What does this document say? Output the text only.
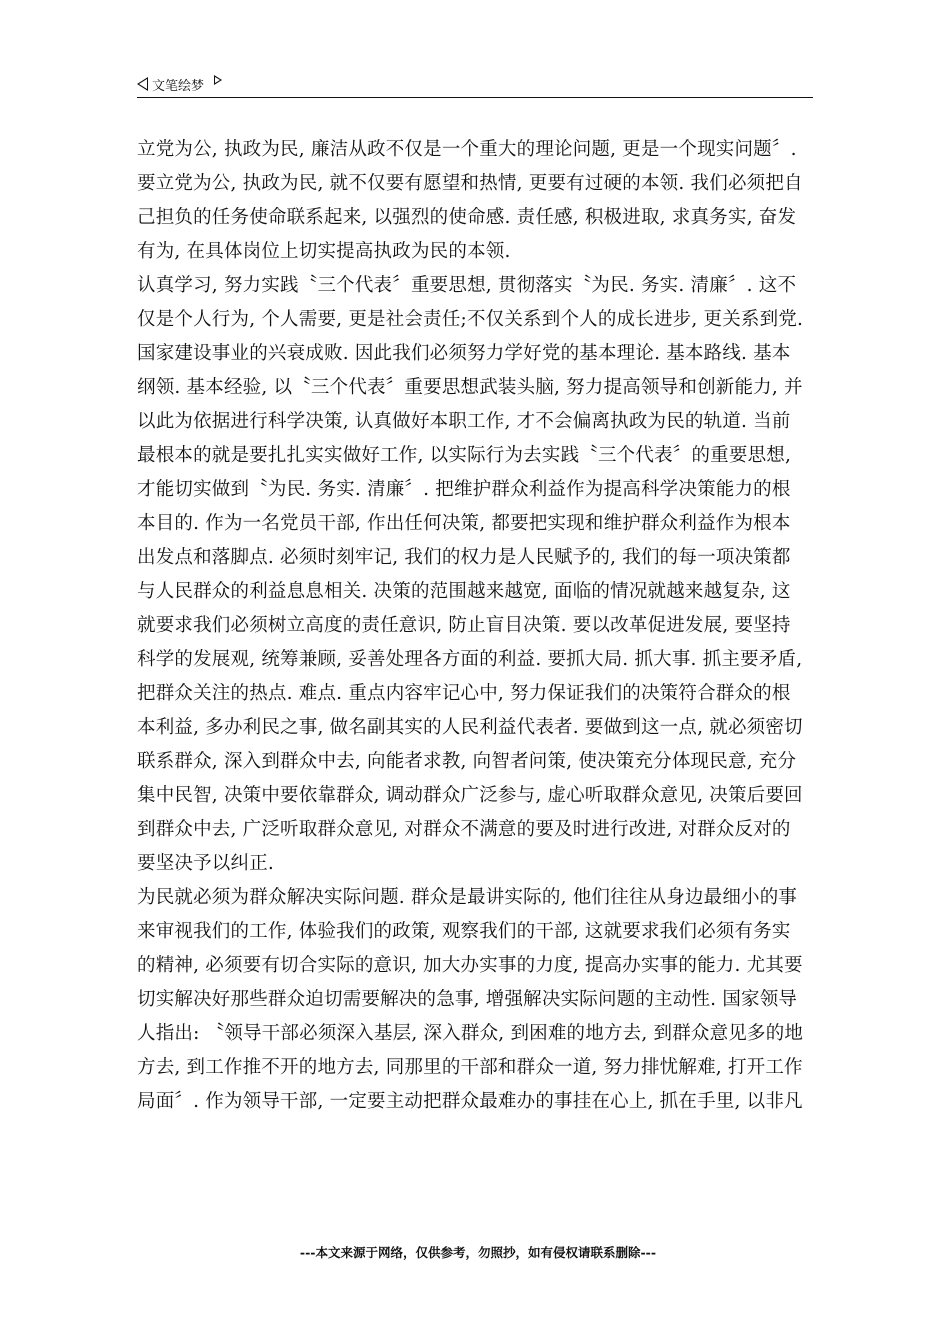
文笔绘梦
立党为公, 执政为民, 廉洁从政不仅是一个重大的理论问题, 更是一个现实问题〞.
要立党为公, 执政为民, 就不仅要有愿望和热情, 更要有过硬的本领. 我们必须把自
己担负的任务使命联系起来, 以强烈的使命感. 责任感, 积极进取, 求真务实, 奋发
有为, 在具体岗位上切实提高执政为民的本领.
认真学习, 努力实践〝三个代表〞重要思想, 贯彻落实〝为民. 务实. 清廉〞. 这不
仅是个人行为, 个人需要, 更是社会责任;不仅关系到个人的成长进步, 更关系到党.
国家建设事业的兴衰成败. 因此我们必须努力学好党的基本理论. 基本路线. 基本
纲领. 基本经验, 以〝三个代表〞重要思想武装头脑, 努力提高领导和创新能力, 并
以此为依据进行科学决策, 认真做好本职工作, 才不会偏离执政为民的轨道. 当前
最根本的就是要扎扎实实做好工作, 以实际行为去实践〝三个代表〞的重要思想,
才能切实做到〝为民. 务实. 清廉〞. 把维护群众利益作为提高科学决策能力的根
本目的. 作为一名党员干部, 作出任何决策, 都要把实现和维护群众利益作为根本
出发点和落脚点. 必须时刻牢记, 我们的权力是人民赋予的, 我们的每一项决策都
与人民群众的利益息息相关. 决策的范围越来越宽, 面临的情况就越来越复杂, 这
就要求我们必须树立高度的责任意识, 防止盲目决策. 要以改革促进发展, 要坚持
科学的发展观, 统筹兼顾, 妥善处理各方面的利益. 要抓大局. 抓大事. 抓主要矛盾,
把群众关注的热点. 难点. 重点内容牢记心中, 努力保证我们的决策符合群众的根
本利益, 多办利民之事, 做名副其实的人民利益代表者. 要做到这一点, 就必须密切
联系群众, 深入到群众中去, 向能者求教, 向智者问策, 使决策充分体现民意, 充分
集中民智, 决策中要依靠群众, 调动群众广泛参与, 虚心听取群众意见, 决策后要回
到群众中去, 广泛听取群众意见, 对群众不满意的要及时进行改进, 对群众反对的
要坚决予以纠正.
为民就必须为群众解决实际问题. 群众是最讲实际的, 他们往往从身边最细小的事
来审视我们的工作, 体验我们的政策, 观察我们的干部, 这就要求我们必须有务实
的精神, 必须要有切合实际的意识, 加大办实事的力度, 提高办实事的能力. 尤其要
切实解决好那些群众迫切需要解决的急事, 增强解决实际问题的主动性. 国家领导
人指出: 〝领导干部必须深入基层, 深入群众, 到困难的地方去, 到群众意见多的地
方去, 到工作推不开的地方去, 同那里的干部和群众一道, 努力排忧解难, 打开工作
局面〞. 作为领导干部, 一定要主动把群众最难办的事挂在心上, 抓在手里, 以非凡
---本文来源于网络，仅供参考，勿照抄，如有侵权请联系删除---
